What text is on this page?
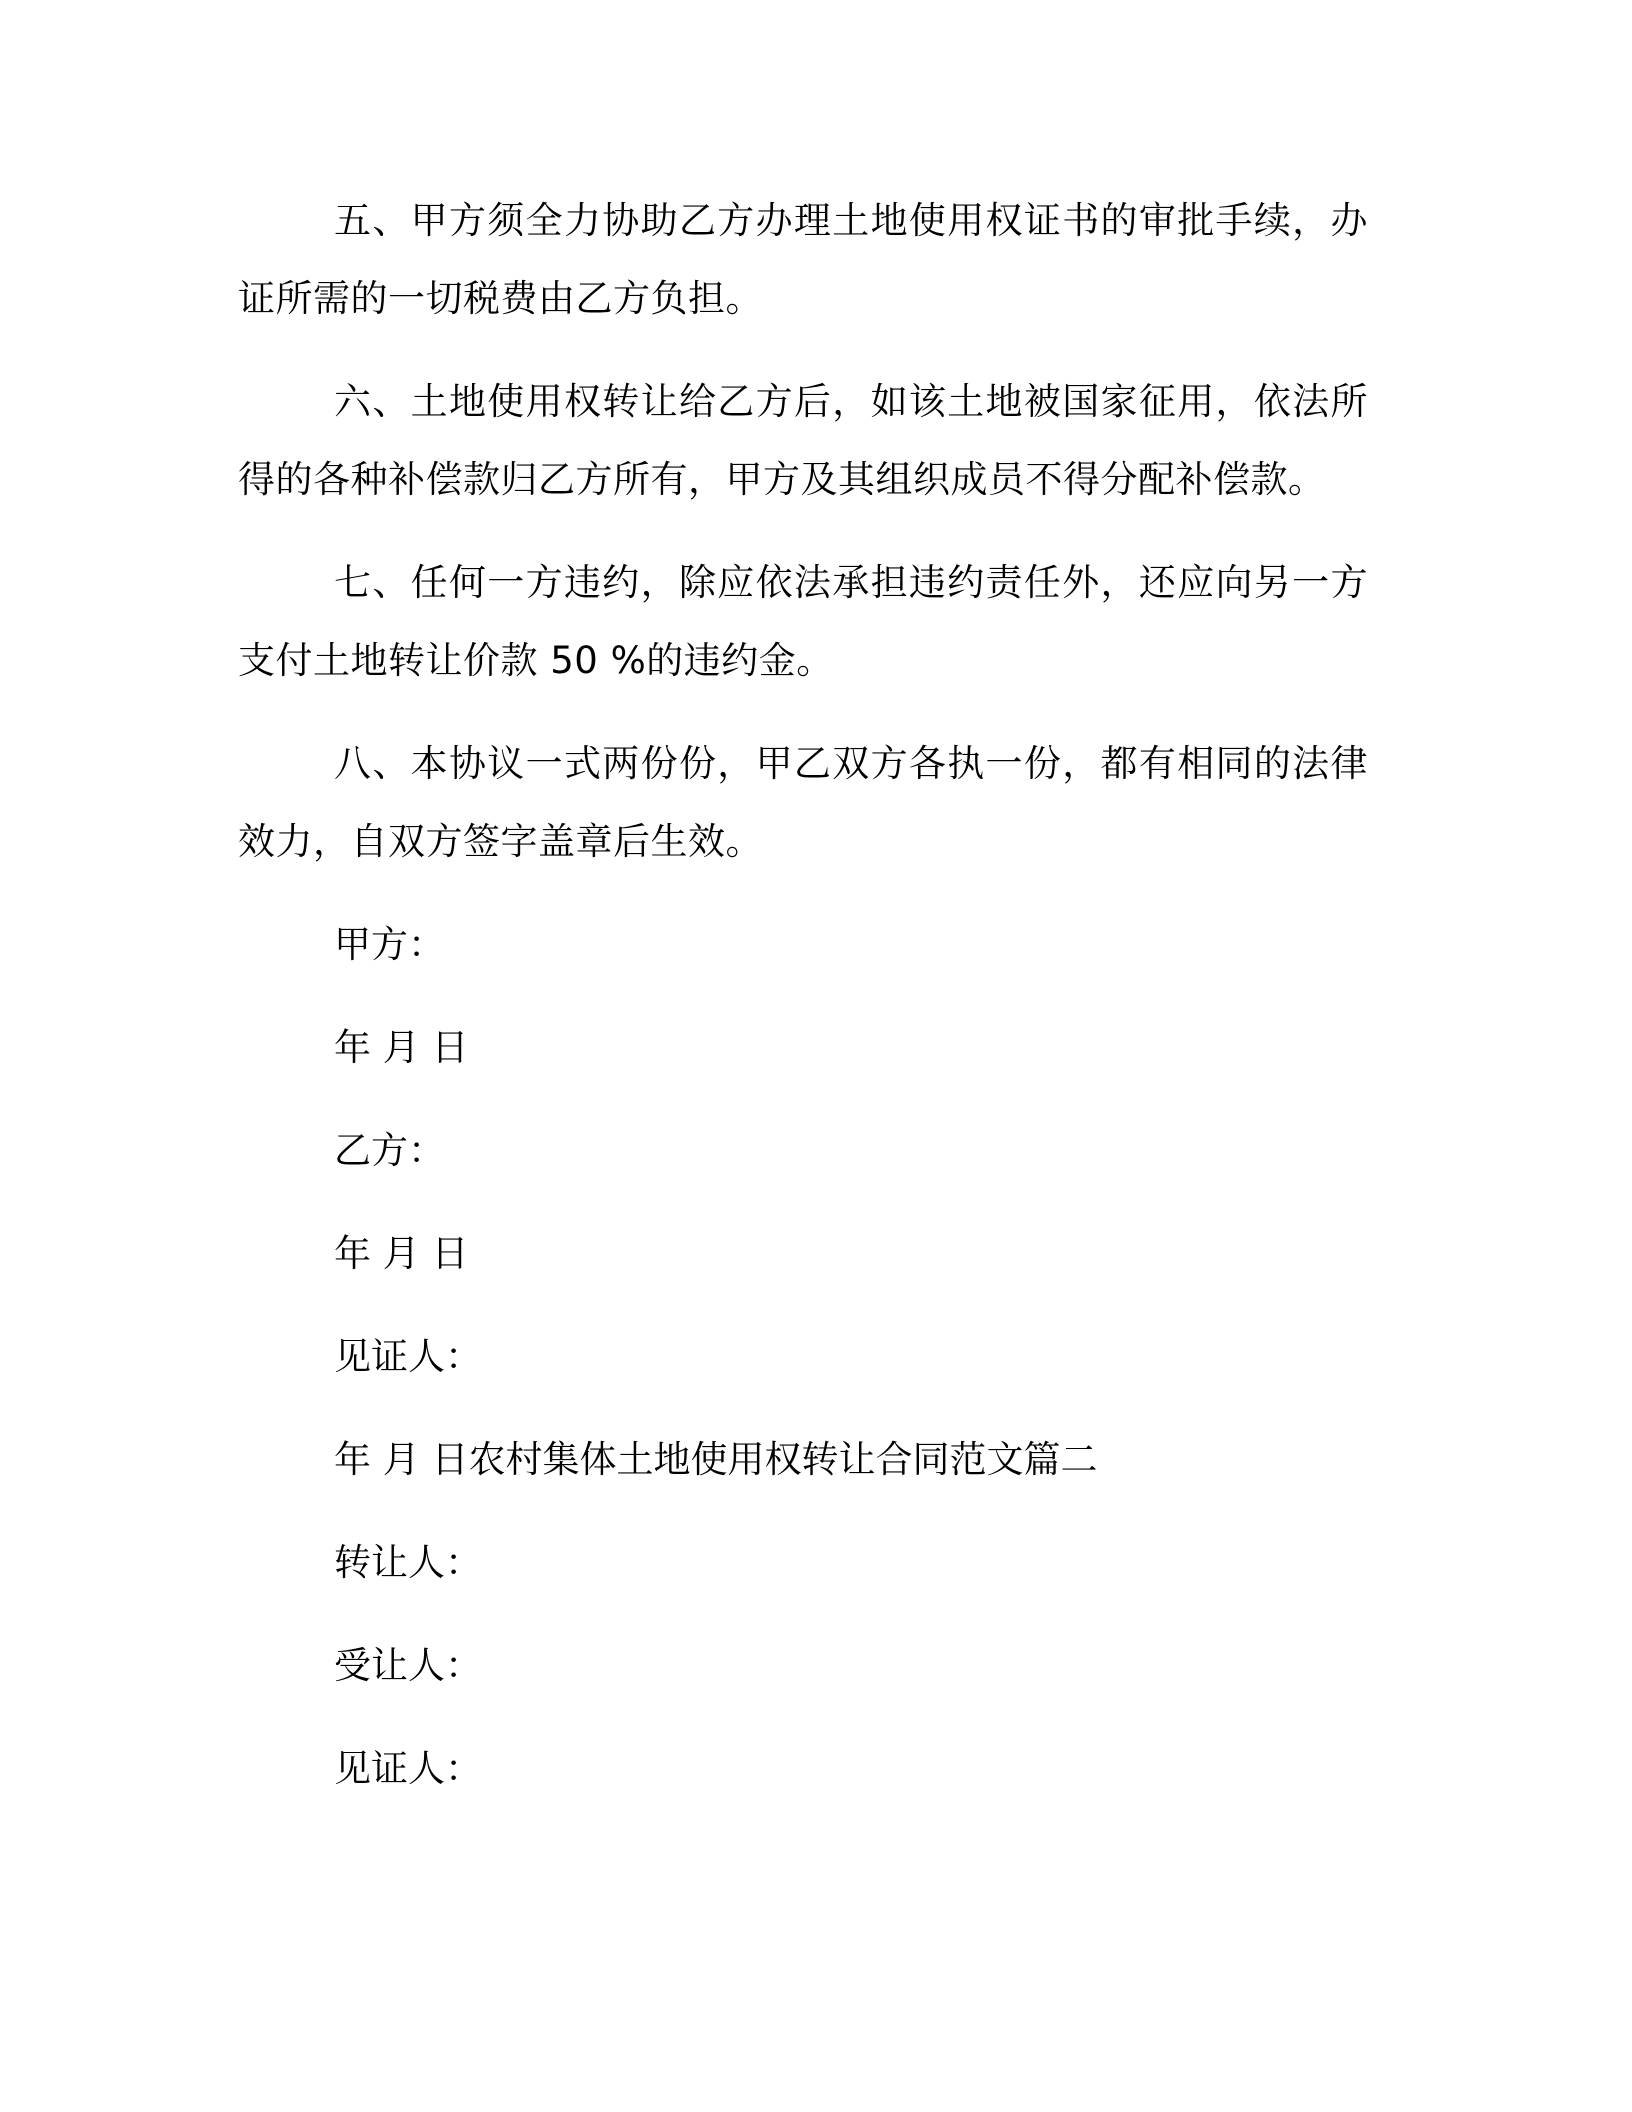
五、甲方须全力协助乙方办理土地使用权证书的审批手续，办证所需的一切税费由乙方负担。

六、土地使用权转让给乙方后，如该土地被国家征用，依法所得的各种补偿款归乙方所有，甲方及其组织成员不得分配补偿款。

七、任何一方违约，除应依法承担违约责任外，还应向另一方支付土地转让价款 50 %的违约金。

八、本协议一式两份份，甲乙双方各执一份，都有相同的法律效力，自双方签字盖章后生效。

甲方：
年 月 日
乙方：
年 月 日
见证人：
年 月 日农村集体土地使用权转让合同范文篇二
转让人：
受让人：
见证人：
